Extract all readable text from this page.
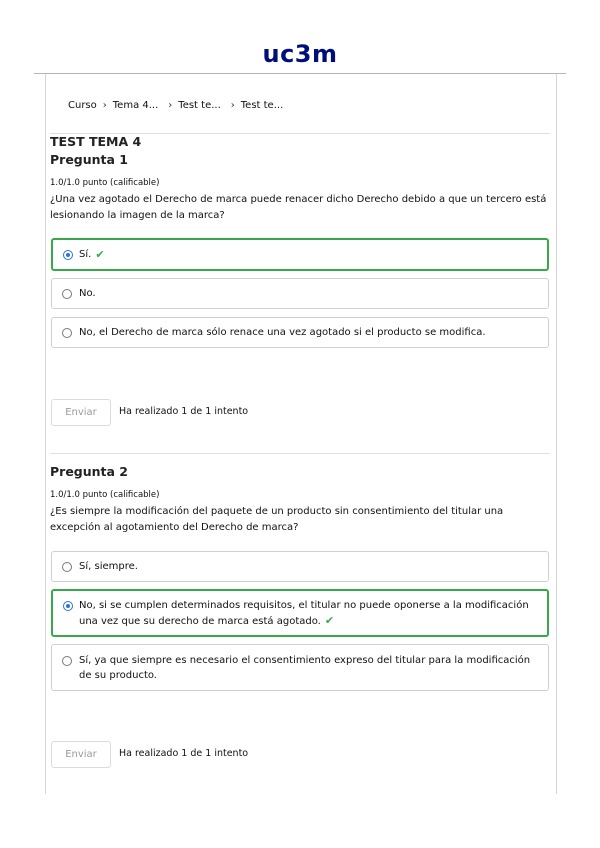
uc3m
Curso › Tema 4... › Test te... › Test te...
TEST TEMA 4
Pregunta 1
1.0/1.0 punto (calificable)
¿Una vez agotado el Derecho de marca puede renacer dicho Derecho debido a que un tercero está lesionando la imagen de la marca?
Sí. ✔
No.
No, el Derecho de marca sólo renace una vez agotado si el producto se modifica.
Enviar	Ha realizado 1 de 1 intento
Pregunta 2
1.0/1.0 punto (calificable)
¿Es siempre la modificación del paquete de un producto sin consentimiento del titular una excepción al agotamiento del Derecho de marca?
Sí, siempre.
No, si se cumplen determinados requisitos, el titular no puede oponerse a la modificación una vez que su derecho de marca está agotado. ✔
Sí, ya que siempre es necesario el consentimiento expreso del titular para la modificación de su producto.
Enviar	Ha realizado 1 de 1 intento
